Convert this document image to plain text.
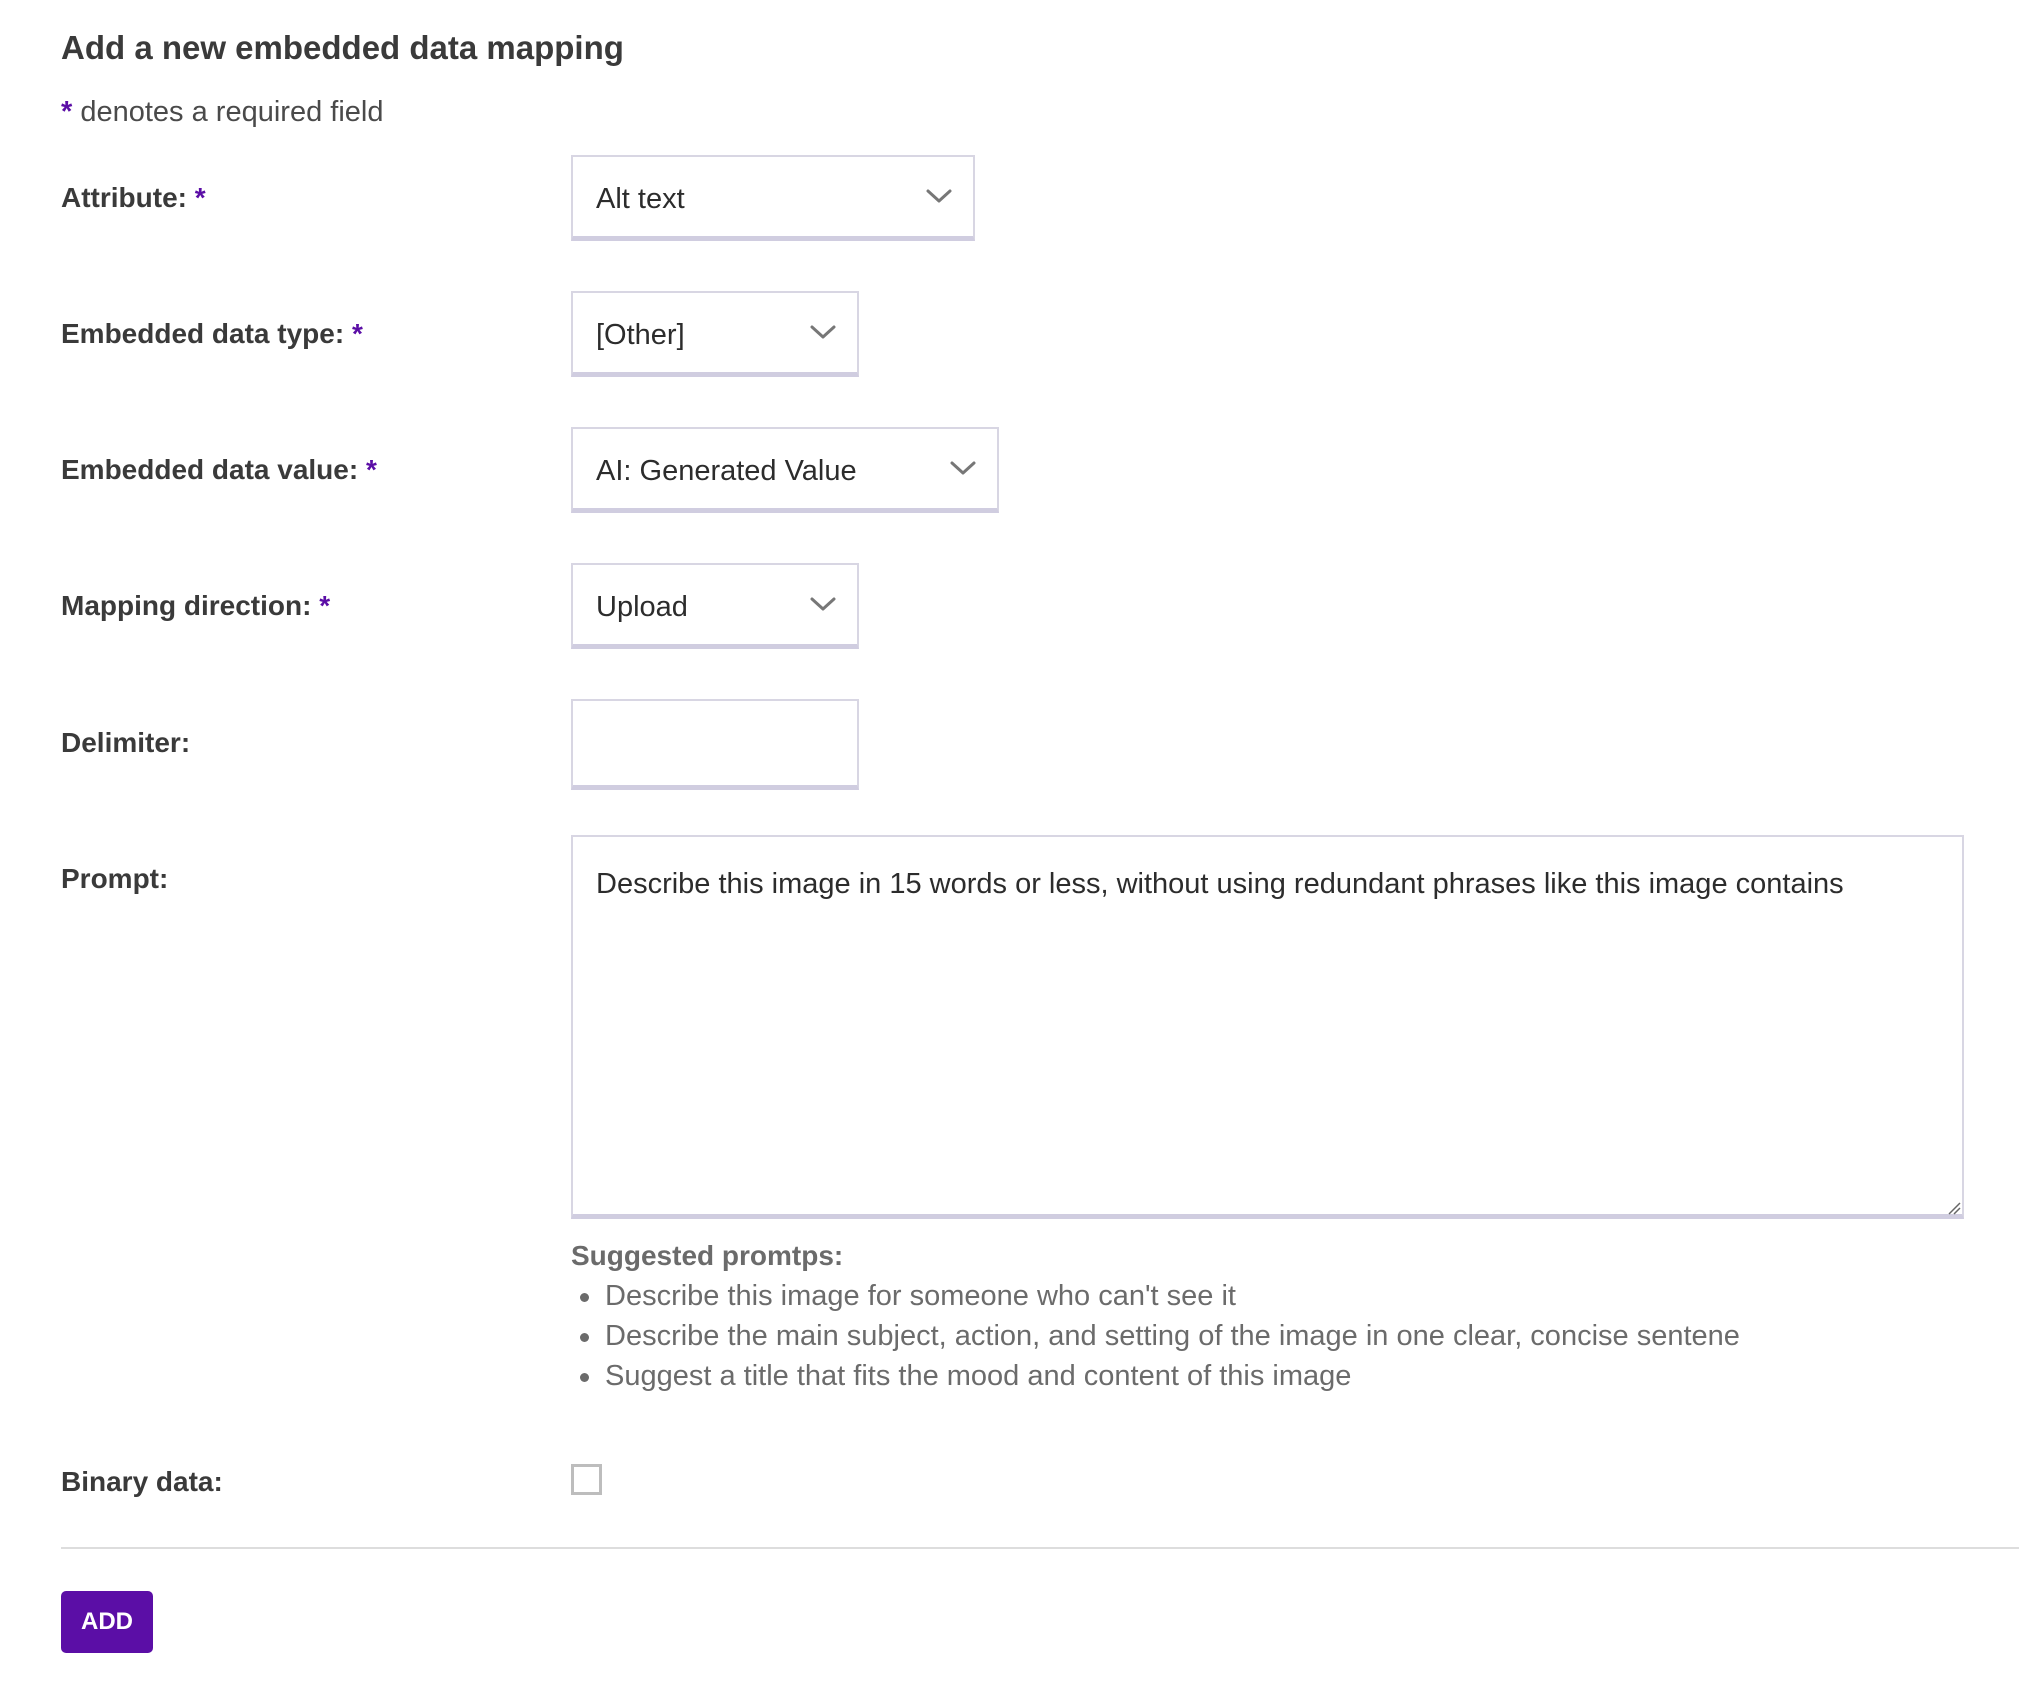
Add a new embedded data mapping
* denotes a required field
Attribute: *	Alt text
Embedded data type: *	[Other]
Embedded data value: *	AI: Generated Value
Mapping direction: *	Upload
Delimiter:
Prompt:
Describe this image in 15 words or less, without using redundant phrases like this image contains
Suggested promtps:
Describe this image for someone who can't see it
Describe the main subject, action, and setting of the image in one clear, concise sentene
Suggest a title that fits the mood and content of this image
Binary data:
ADD
